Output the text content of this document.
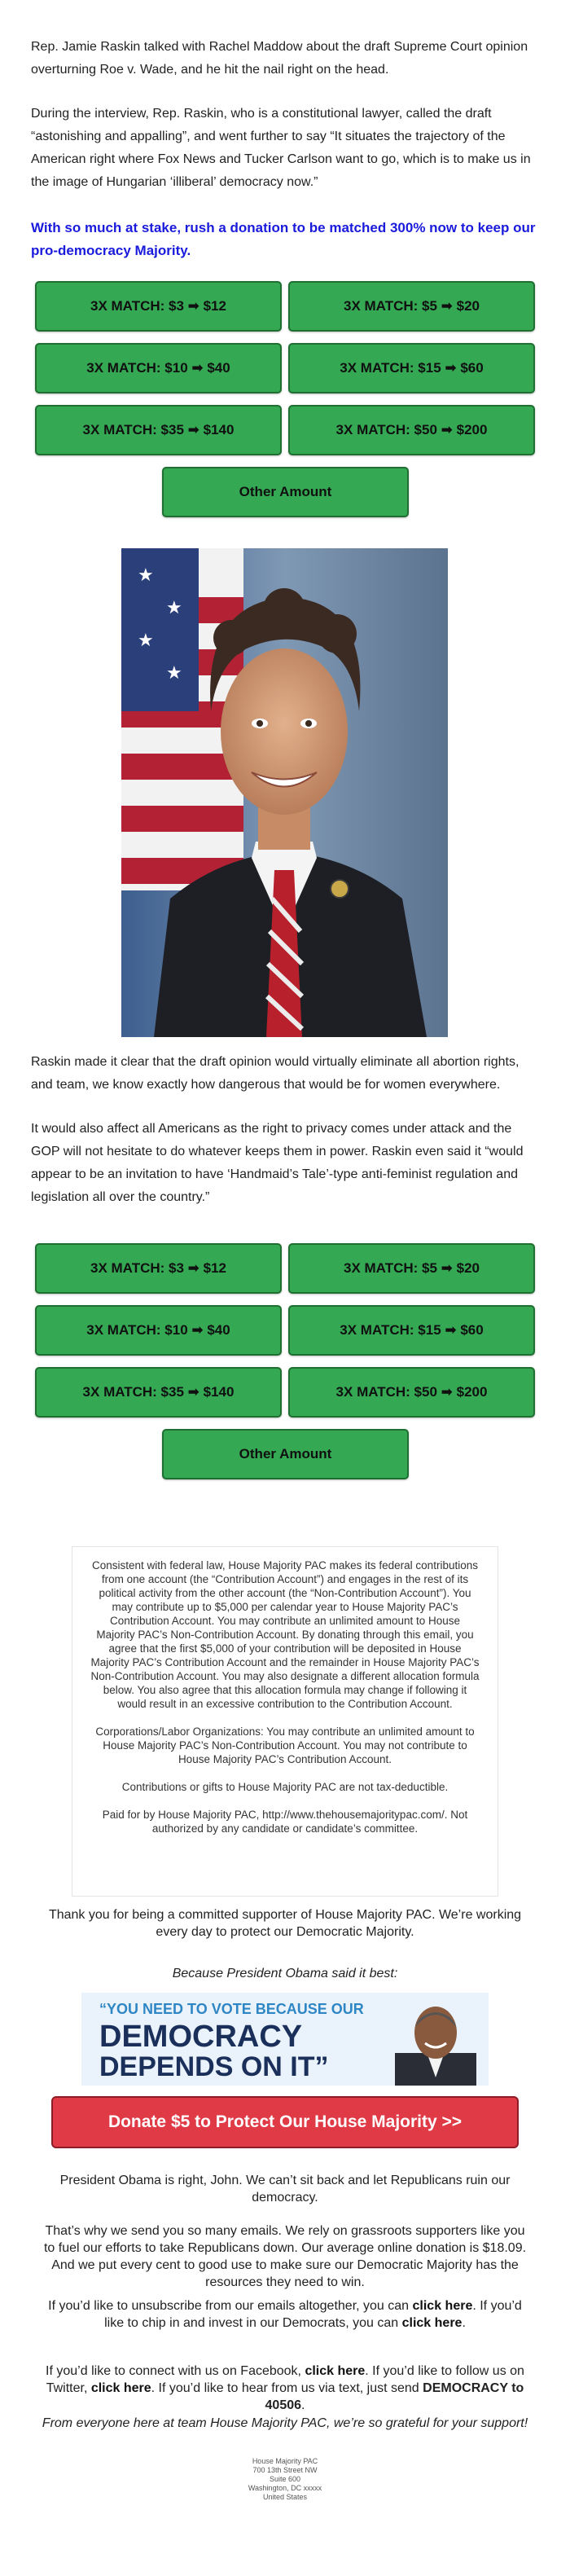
Rep. Jamie Raskin talked with Rachel Maddow about the draft Supreme Court opinion overturning Roe v. Wade, and he hit the nail right on the head.

During the interview, Rep. Raskin, who is a constitutional lawyer, called the draft “astonishing and appalling”, and went further to say “It situates the trajectory of the American right where Fox News and Tucker Carlson want to go, which is to make us in the image of Hungarian ‘illiberal’ democracy now.”

With so much at stake, rush a donation to be matched 300% now to keep our pro-democracy Majority.

3X MATCH: $3 ➡ $12	3X MATCH: $5 ➡ $20
3X MATCH: $10 ➡ $40	3X MATCH: $15 ➡ $60
3X MATCH: $35 ➡ $140	3X MATCH: $50 ➡ $200
Other Amount
★
★
★
★

Raskin made it clear that the draft opinion would virtually eliminate all abortion rights, and team, we know exactly how dangerous that would be for women everywhere.

It would also affect all Americans as the right to privacy comes under attack and the GOP will not hesitate to do whatever keeps them in power. Raskin even said it “would appear to be an invitation to have ‘Handmaid’s Tale’-type anti-feminist regulation and legislation all over the country.”

3X MATCH: $3 ➡ $12	3X MATCH: $5 ➡ $20
3X MATCH: $10 ➡ $40	3X MATCH: $15 ➡ $60
3X MATCH: $35 ➡ $140	3X MATCH: $50 ➡ $200
Other Amount

Consistent with federal law, House Majority PAC makes its federal contributions from one account (the “Contribution Account”) and engages in the rest of its political activity from the other account (the “Non-Contribution Account”). You may contribute up to $5,000 per calendar year to House Majority PAC’s Contribution Account. You may contribute an unlimited amount to House Majority PAC’s Non-Contribution Account. By donating through this email, you agree that the first $5,000 of your contribution will be deposited in House Majority PAC’s Contribution Account and the remainder in House Majority PAC’s Non-Contribution Account. You may also designate a different allocation formula below. You also agree that this allocation formula may change if following it would result in an excessive contribution to the Contribution Account.

Corporations/Labor Organizations: You may contribute an unlimited amount to House Majority PAC’s Non-Contribution Account. You may not contribute to House Majority PAC’s Contribution Account.

Contributions or gifts to House Majority PAC are not tax-deductible.

Paid for by House Majority PAC, http://www.thehousemajoritypac.com/. Not authorized by any candidate or candidate’s committee.

Thank you for being a committed supporter of House Majority PAC. We’re working every day to protect our Democratic Majority.

Because President Obama said it best:

“YOU NEED TO VOTE BECAUSE OUR
DEMOCRACY
DEPENDS ON IT”
Donate $5 to Protect Our House Majority >>

President Obama is right, John. We can’t sit back and let Republicans ruin our democracy.

That’s why we send you so many emails. We rely on grassroots supporters like you to fuel our efforts to take Republicans down. Our average online donation is $18.09. And we put every cent to good use to make sure our Democratic Majority has the resources they need to win.

If you’d like to unsubscribe from our emails altogether, you can click here. If you’d like to chip in and invest in our Democrats, you can click here.

If you’d like to connect with us on Facebook, click here. If you’d like to follow us on Twitter, click here. If you’d like to hear from us via text, just send DEMOCRACY to 40506.

From everyone here at team House Majority PAC, we’re so grateful for your support!

House Majority PAC
700 13th Street NW
Suite 600
Washington, DC xxxxx
United States
